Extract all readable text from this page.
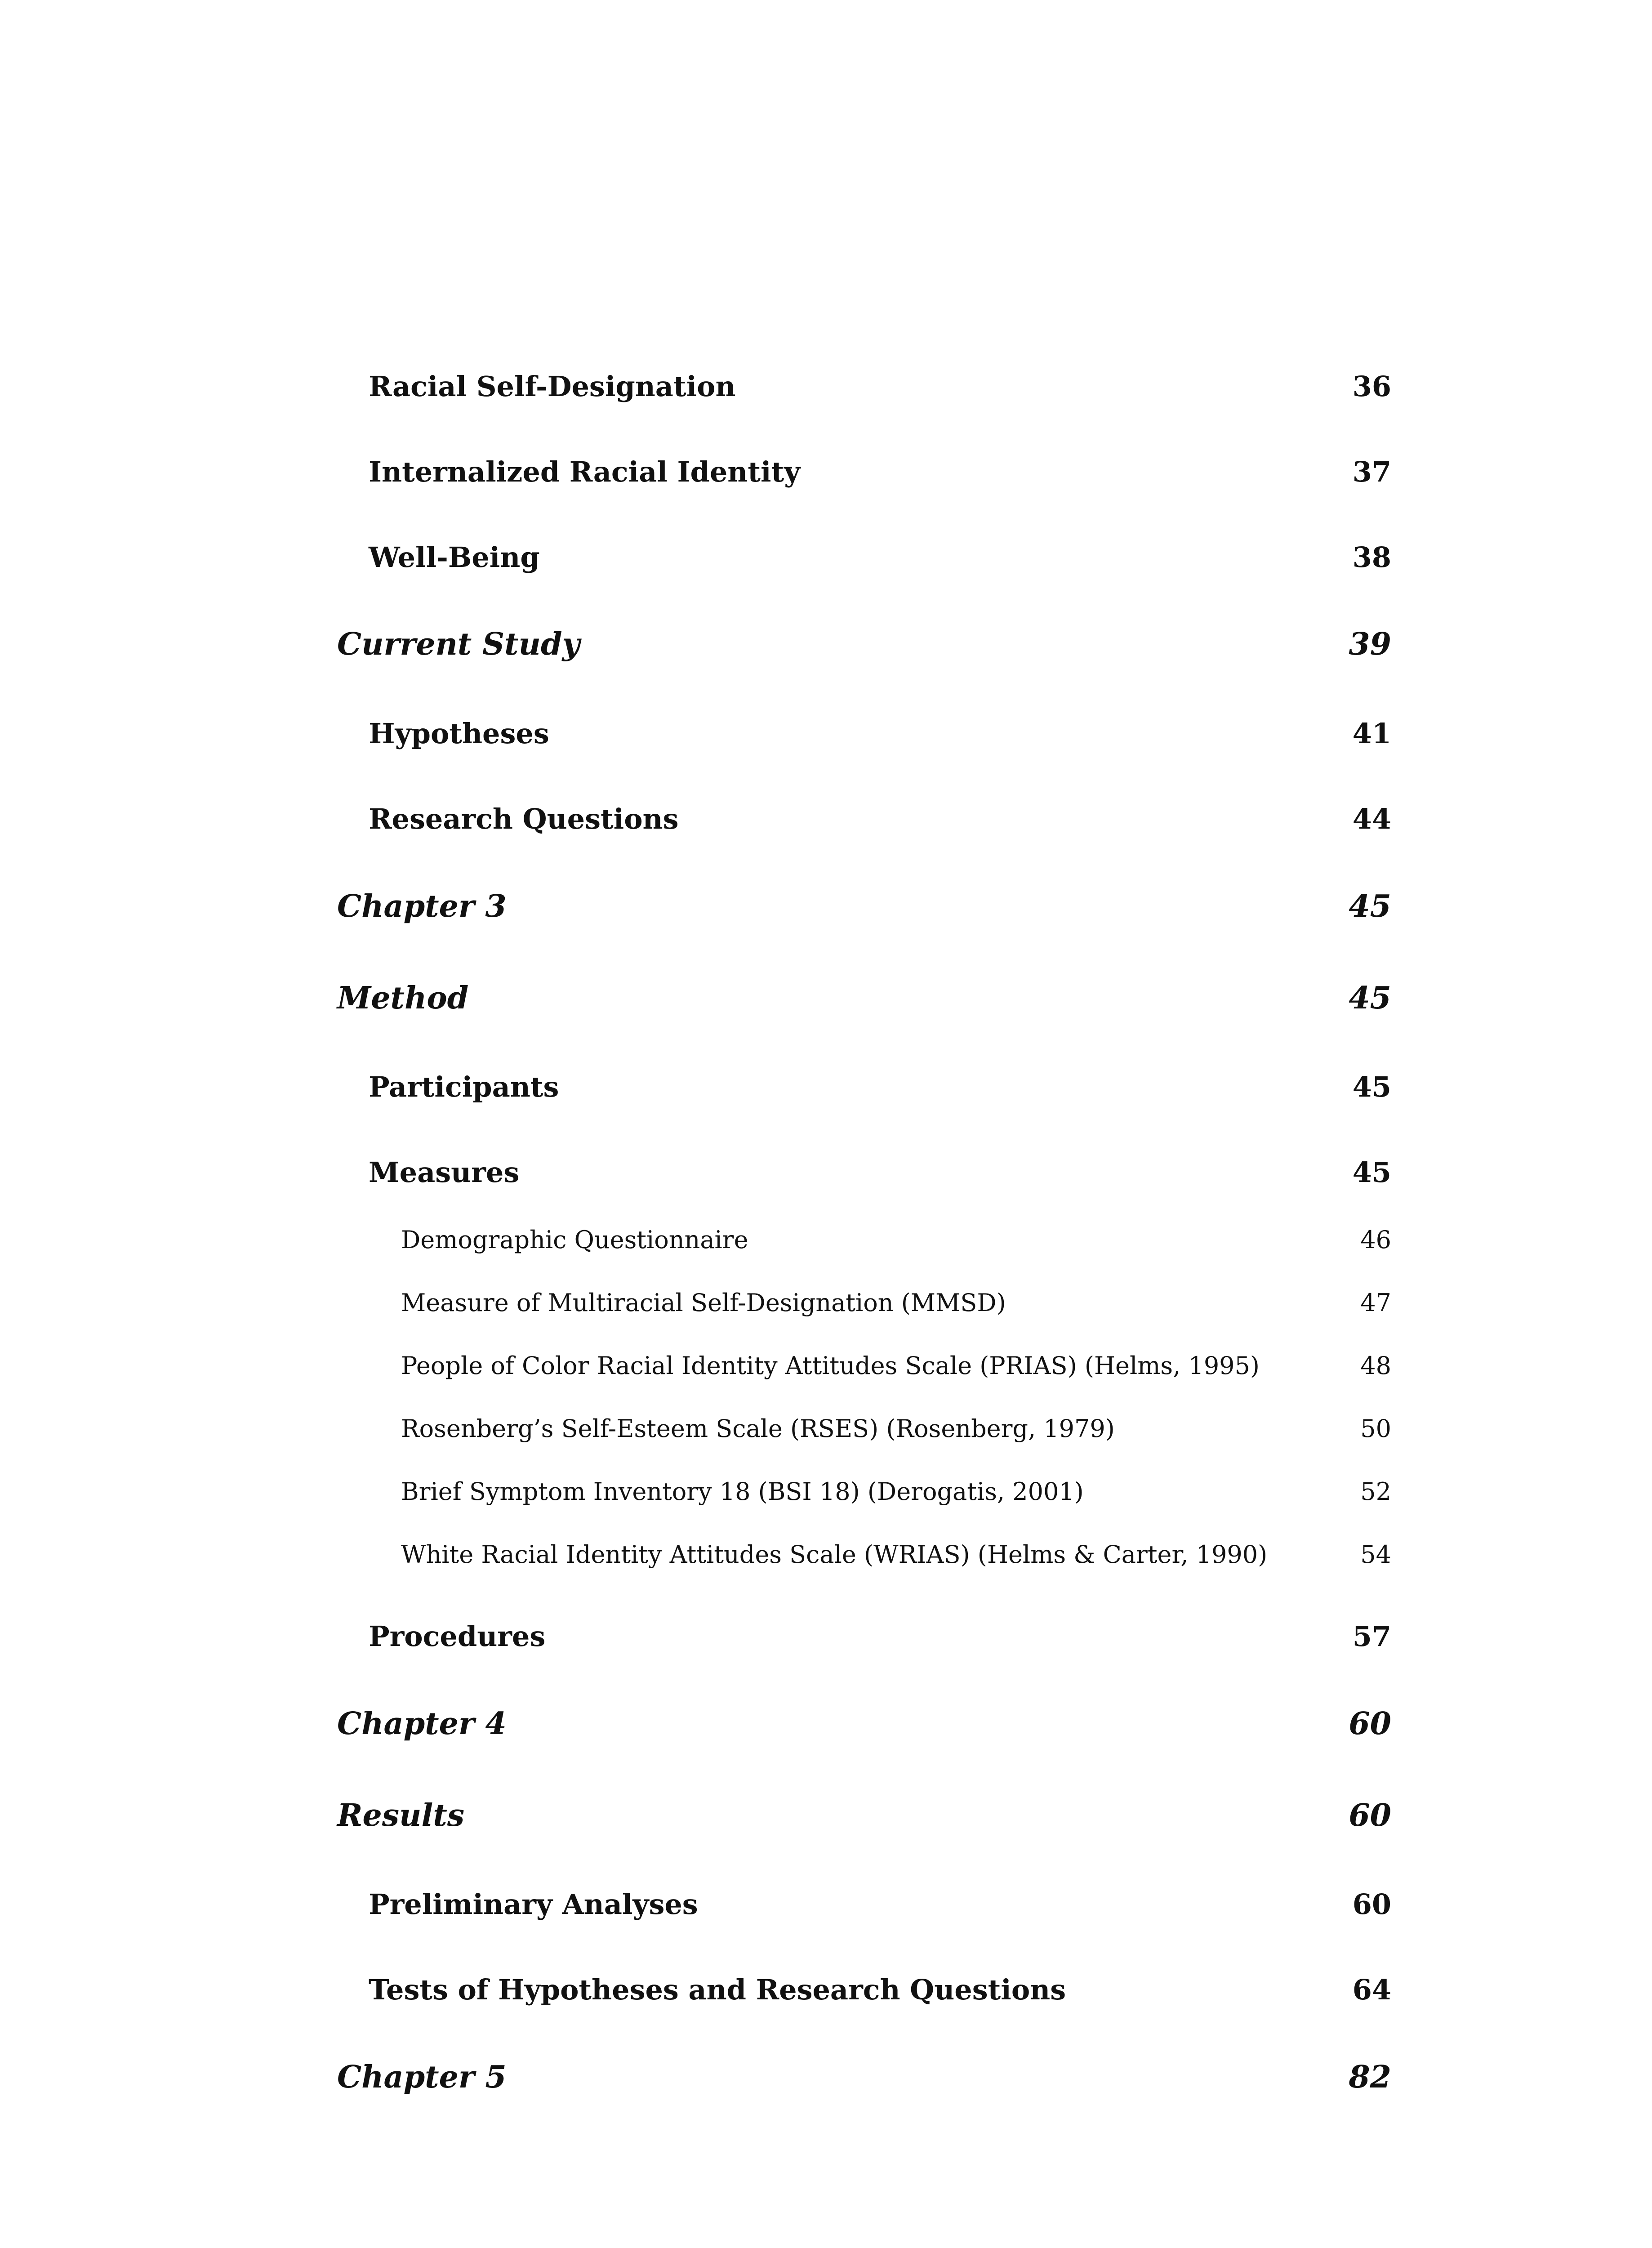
Racial Self-Designation	36
Internalized Racial Identity	37
Well-Being	38
Current Study	39
Hypotheses	41
Research Questions	44
Chapter 3	45
Method	45
Participants	45
Measures	45
Demographic Questionnaire	46
Measure of Multiracial Self-Designation (MMSD)	47
People of Color Racial Identity Attitudes Scale (PRIAS) (Helms, 1995)	48
Rosenberg’s Self-Esteem Scale (RSES) (Rosenberg, 1979)	50
Brief Symptom Inventory 18 (BSI 18) (Derogatis, 2001)	52
White Racial Identity Attitudes Scale (WRIAS) (Helms & Carter, 1990)	54
Procedures	57
Chapter 4	60
Results	60
Preliminary Analyses	60
Tests of Hypotheses and Research Questions	64
Chapter 5	82
